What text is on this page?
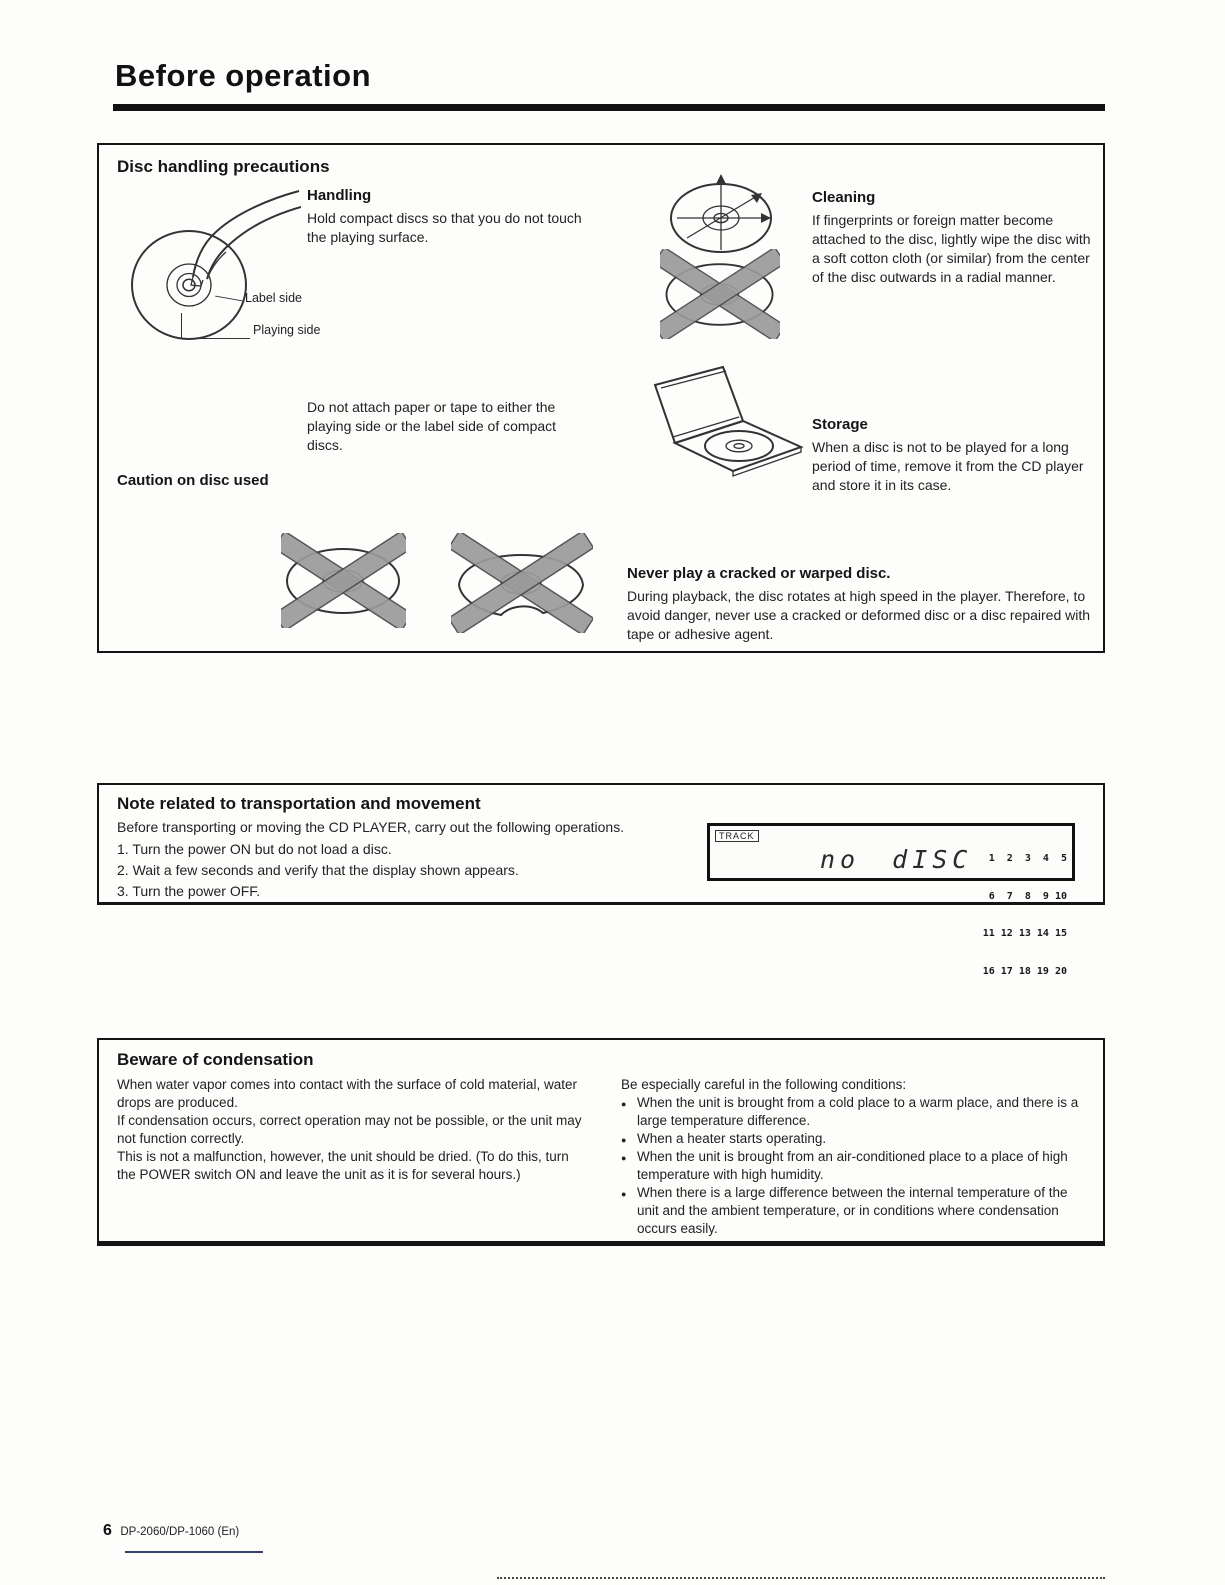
Before operation
Disc handling precautions
Label side
Playing side
Handling

Hold compact discs so that you do not touch the playing surface.

Cleaning

If fingerprints or foreign matter become attached to the disc, lightly wipe the disc with a soft cotton cloth (or similar) from the center of the disc outwards in a radial manner.

Do not attach paper or tape to either the playing side or the label side of compact discs.

Caution on disc used
Storage

When a disc is not to be played for a long period of time, remove it from the CD player and store it in its case.

Never play a cracked or warped disc.

During playback, the disc rotates at high speed in the player. Therefore, to avoid danger, never use a cracked or deformed disc or a disc repaired with tape or adhesive agent.

Note related to transportation and movement

Before transporting or moving the CD PLAYER, carry out the following operations.

1. Turn the power ON but do not load a disc.
2. Wait a few seconds and verify that the display shown appears.
3. Turn the power OFF.
TRACK
no dISC

1  2  3  4  5

6  7  8  9 10

11 12 13 14 15

16 17 18 19 20

Beware of condensation

When water vapor comes into contact with the surface of cold material, water drops are produced.

If condensation occurs, correct operation may not be possible, or the unit may not function correctly.

This is not a malfunction, however, the unit should be dried. (To do this, turn the POWER switch ON and leave the unit as it is for several hours.)

Be especially careful in the following conditions:

● When the unit is brought from a cold place to a warm place, and there is a large temperature difference.
● When a heater starts operating.
● When the unit is brought from an air-conditioned place to a place of high temperature with high humidity.
● When there is a large difference between the internal temperature of the unit and the ambient temperature, or in conditions where condensation occurs easily.
6 DP-2060/DP-1060 (En)
